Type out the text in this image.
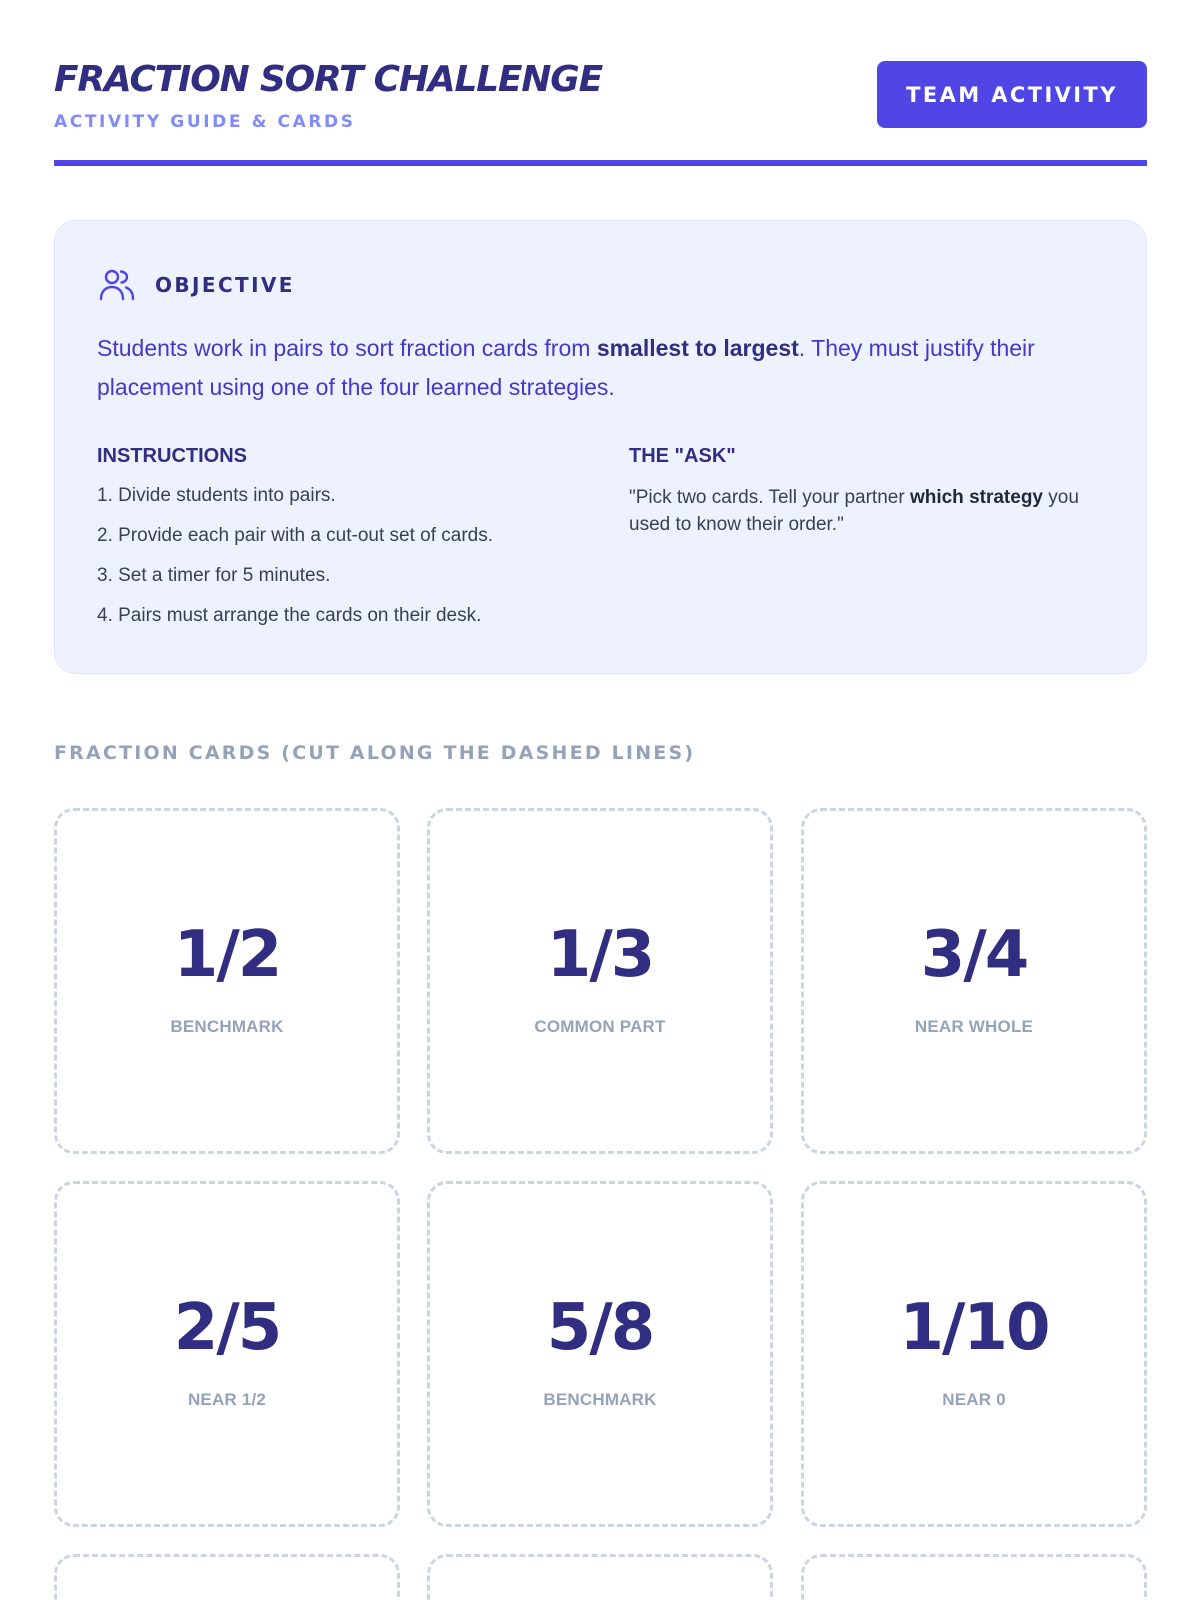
FRACTION SORT CHALLENGE
ACTIVITY GUIDE & CARDS
TEAM ACTIVITY
OBJECTIVE

Students work in pairs to sort fraction cards from smallest to largest. They must justify their placement using one of the four learned strategies.

INSTRUCTIONS
1. Divide students into pairs.
2. Provide each pair with a cut-out set of cards.
3. Set a timer for 5 minutes.
4. Pairs must arrange the cards on their desk.
THE "ASK"

"Pick two cards. Tell your partner which strategy you used to know their order."

FRACTION CARDS (CUT ALONG THE DASHED LINES)
1/2
BENCHMARK
1/3
COMMON PART
3/4
NEAR WHOLE
2/5
NEAR 1/2
5/8
BENCHMARK
1/10
NEAR 0
